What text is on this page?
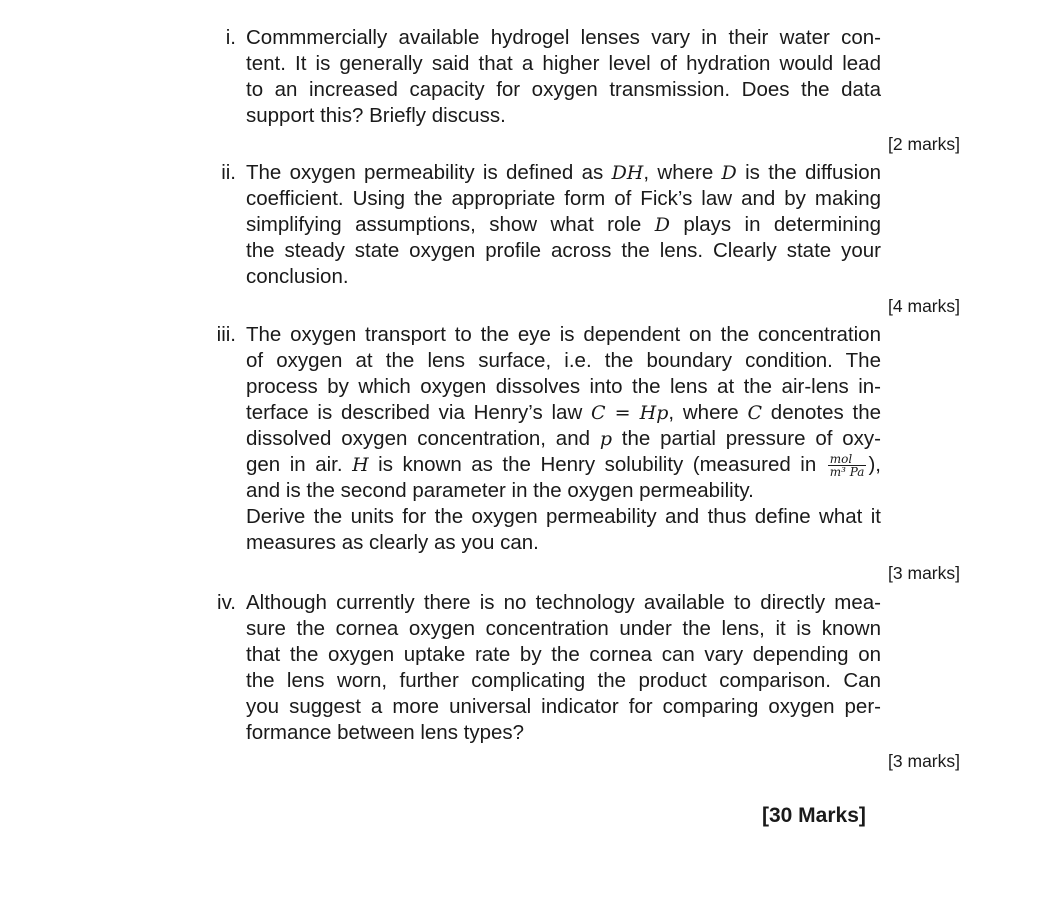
i. Commmercially available hydrogel lenses vary in their water con-
tent. It is generally said that a higher level of hydration would lead
to an increased capacity for oxygen transmission. Does the data
support this? Briefly discuss.
[2 marks]
ii. The oxygen permeability is defined as DH, where D is the diffusion
coefficient. Using the appropriate form of Fick’s law and by making
simplifying assumptions, show what role D plays in determining
the steady state oxygen profile across the lens. Clearly state your
conclusion.
[4 marks]
iii. The oxygen transport to the eye is dependent on the concentration
of oxygen at the lens surface, i.e. the boundary condition. The
process by which oxygen dissolves into the lens at the air-lens in-
terface is described via Henry’s law C = Hp, where C denotes the
dissolved oxygen concentration, and p the partial pressure of oxy-
gen in air. H is known as the Henry solubility (measured in $\frac{\text{mol}}{\text{m³ Pa}}$ ),
and is the second parameter in the oxygen permeability.
Derive the units for the oxygen permeability and thus define what it
measures as clearly as you can.
[3 marks]
iv. Although currently there is no technology available to directly mea-
sure the cornea oxygen concentration under the lens, it is known
that the oxygen uptake rate by the cornea can vary depending on
the lens worn, further complicating the product comparison. Can
you suggest a more universal indicator for comparing oxygen per-
formance between lens types?
[3 marks]
[30 Marks]
